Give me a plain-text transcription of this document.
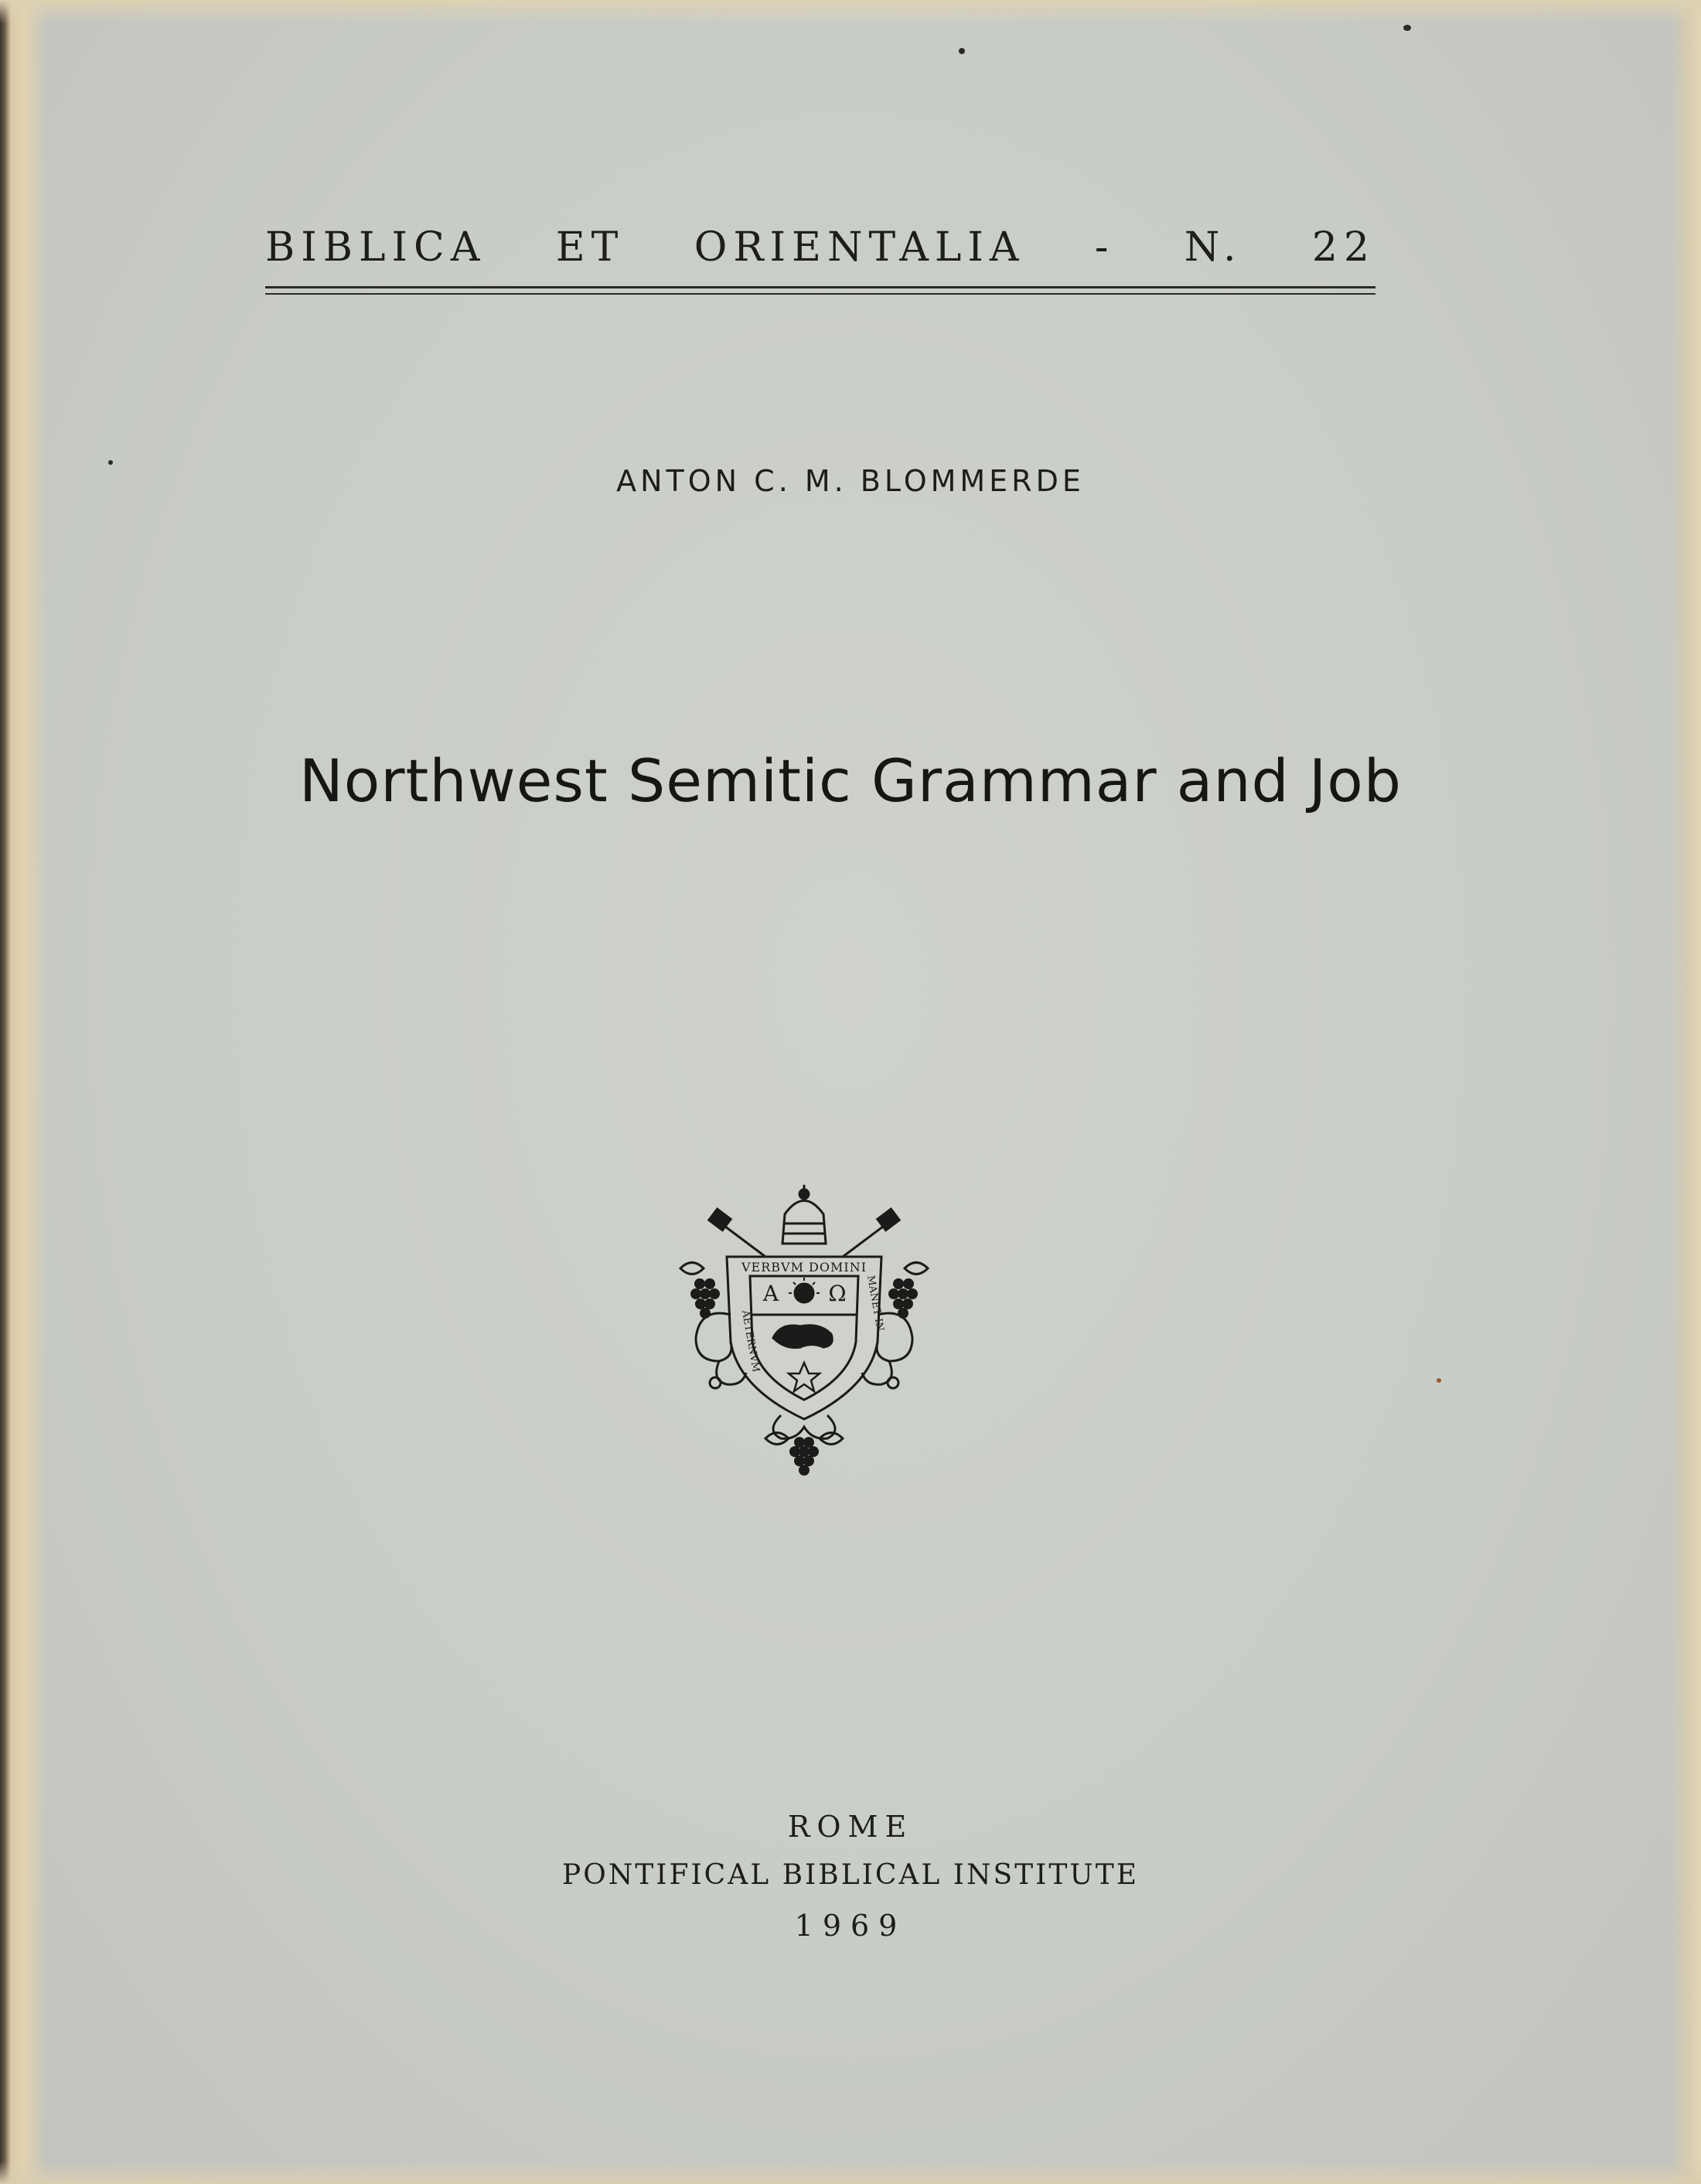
BIBLICA ET ORIENTALIA - N. 22
ANTON C. M. BLOMMERDE
Northwest Semitic Grammar and Job
VERBVM DOMINI
Α Ω
AETERNVM
MANET IN
ROME
PONTIFICAL BIBLICAL INSTITUTE
1969
